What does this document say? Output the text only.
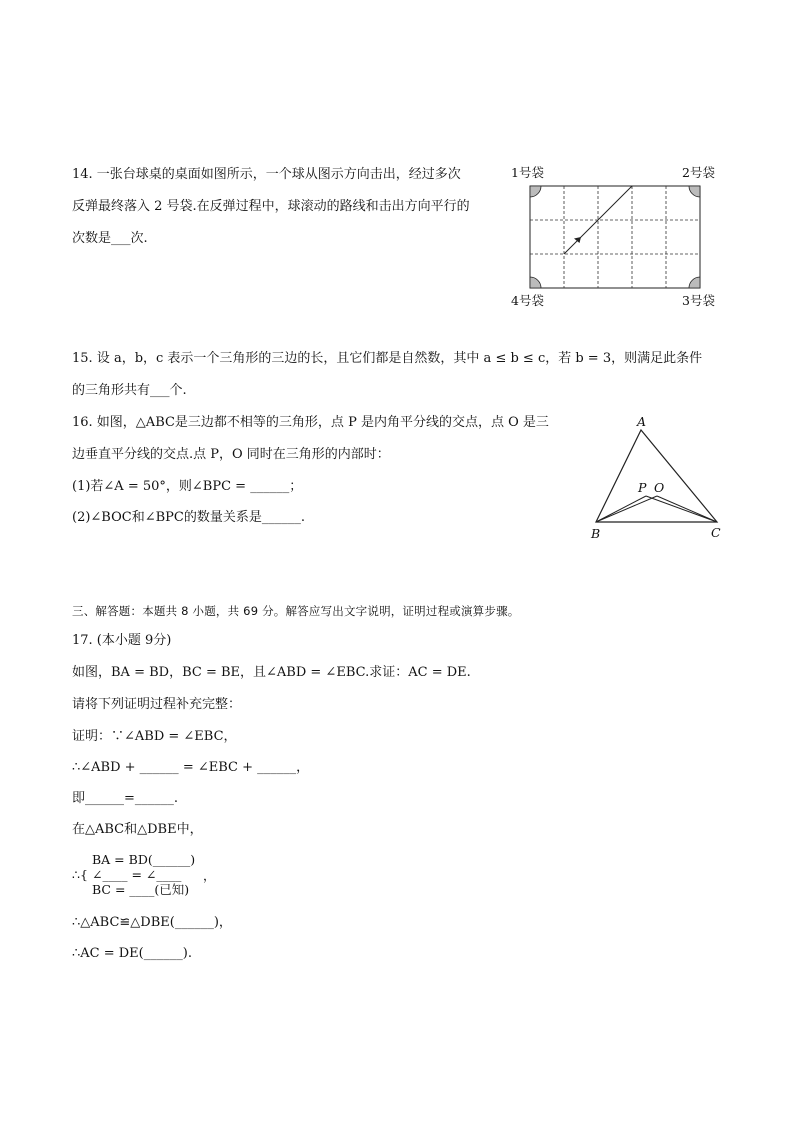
14. 一张台球桌的桌面如图所示，一个球从图示方向击出，经过多次
反弹最终落入 2 号袋.在反弹过程中，球滚动的路线和击出方向平行的
次数是___次.
1号袋	2号袋
4号袋	3号袋
15. 设 a，b，c 表示一个三角形的三边的长，且它们都是自然数，其中 a ≤ b ≤ c，若 b = 3，则满足此条件
的三角形共有___个.
16. 如图，△ABC是三边都不相等的三角形，点 P 是内角平分线的交点，点 O 是三
边垂直平分线的交点.点 P，O 同时在三角形的内部时：
(1)若∠A = 50°，则∠BPC = ______；
(2)∠BOC和∠BPC的数量关系是______.
A
B	C
P O
三、解答题：本题共 8 小题，共 69 分。解答应写出文字说明，证明过程或演算步骤。
17. (本小题 9分)
如图，BA = BD，BC = BE，且∠ABD = ∠EBC.求证：AC = DE.
请将下列证明过程补充完整：
证明：∵∠ABD = ∠EBC，
∴∠ABD + ______ = ∠EBC + ______，
即______=______.
在△ABC和△DBE中，
∴{
BA = BD(______)
∠____ = ∠____
BC = ____(已知)
，
∴△ABC≌△DBE(______)，
∴AC = DE(______).
